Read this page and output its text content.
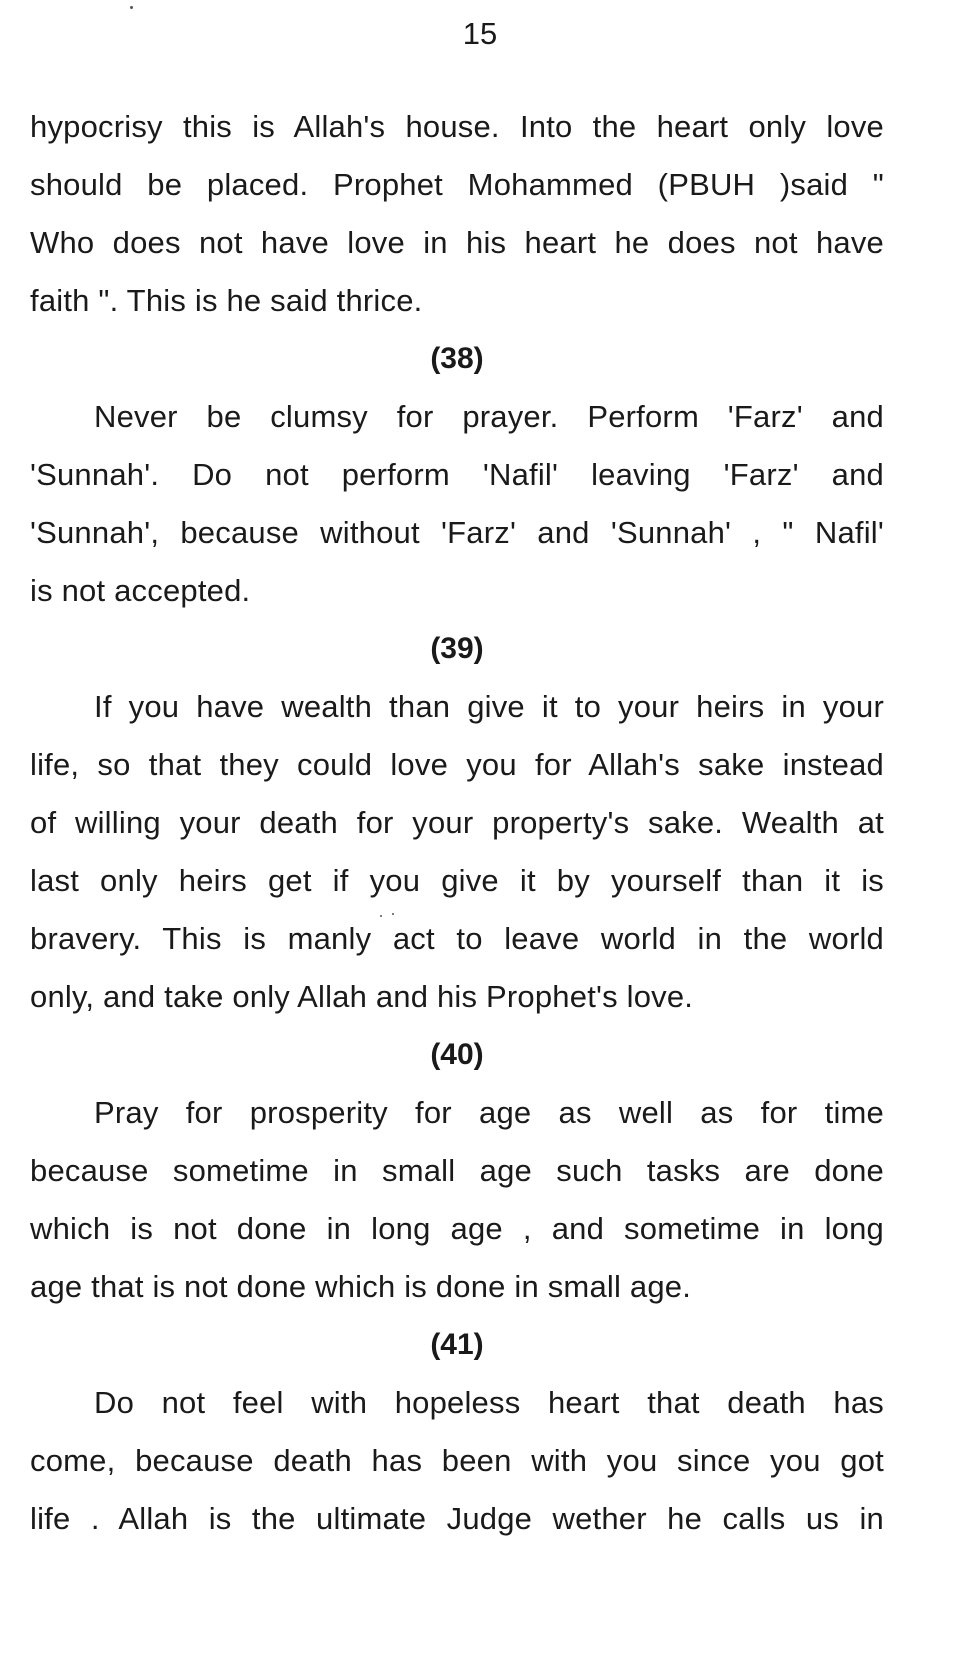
15
hypocrisy this is Allah's house. Into the heart only love
should be placed. Prophet Mohammed (PBUH )said "
Who does not have love in his heart he does not have
faith ". This is he said thrice.
(38)
Never be clumsy for prayer. Perform 'Farz' and
'Sunnah'. Do not perform 'Nafil' leaving 'Farz' and
'Sunnah', because without 'Farz' and 'Sunnah' , " Nafil'
is not accepted.
(39)
If you have wealth than give it to your heirs in your
life, so that they could love you for Allah's sake instead
of willing your death for your property's sake. Wealth at
last only heirs get if you give it by yourself than it is
bravery. This is manly act to leave world in the world
only, and take only Allah and his Prophet's love.
(40)
Pray for prosperity for age as well as for time
because sometime in small age such tasks are done
which is not done in long age , and sometime in long
age that is not done which is done in small age.
(41)
Do not feel with hopeless heart that death has
come, because death has been with you since you got
life . Allah is the ultimate Judge wether he calls us in
